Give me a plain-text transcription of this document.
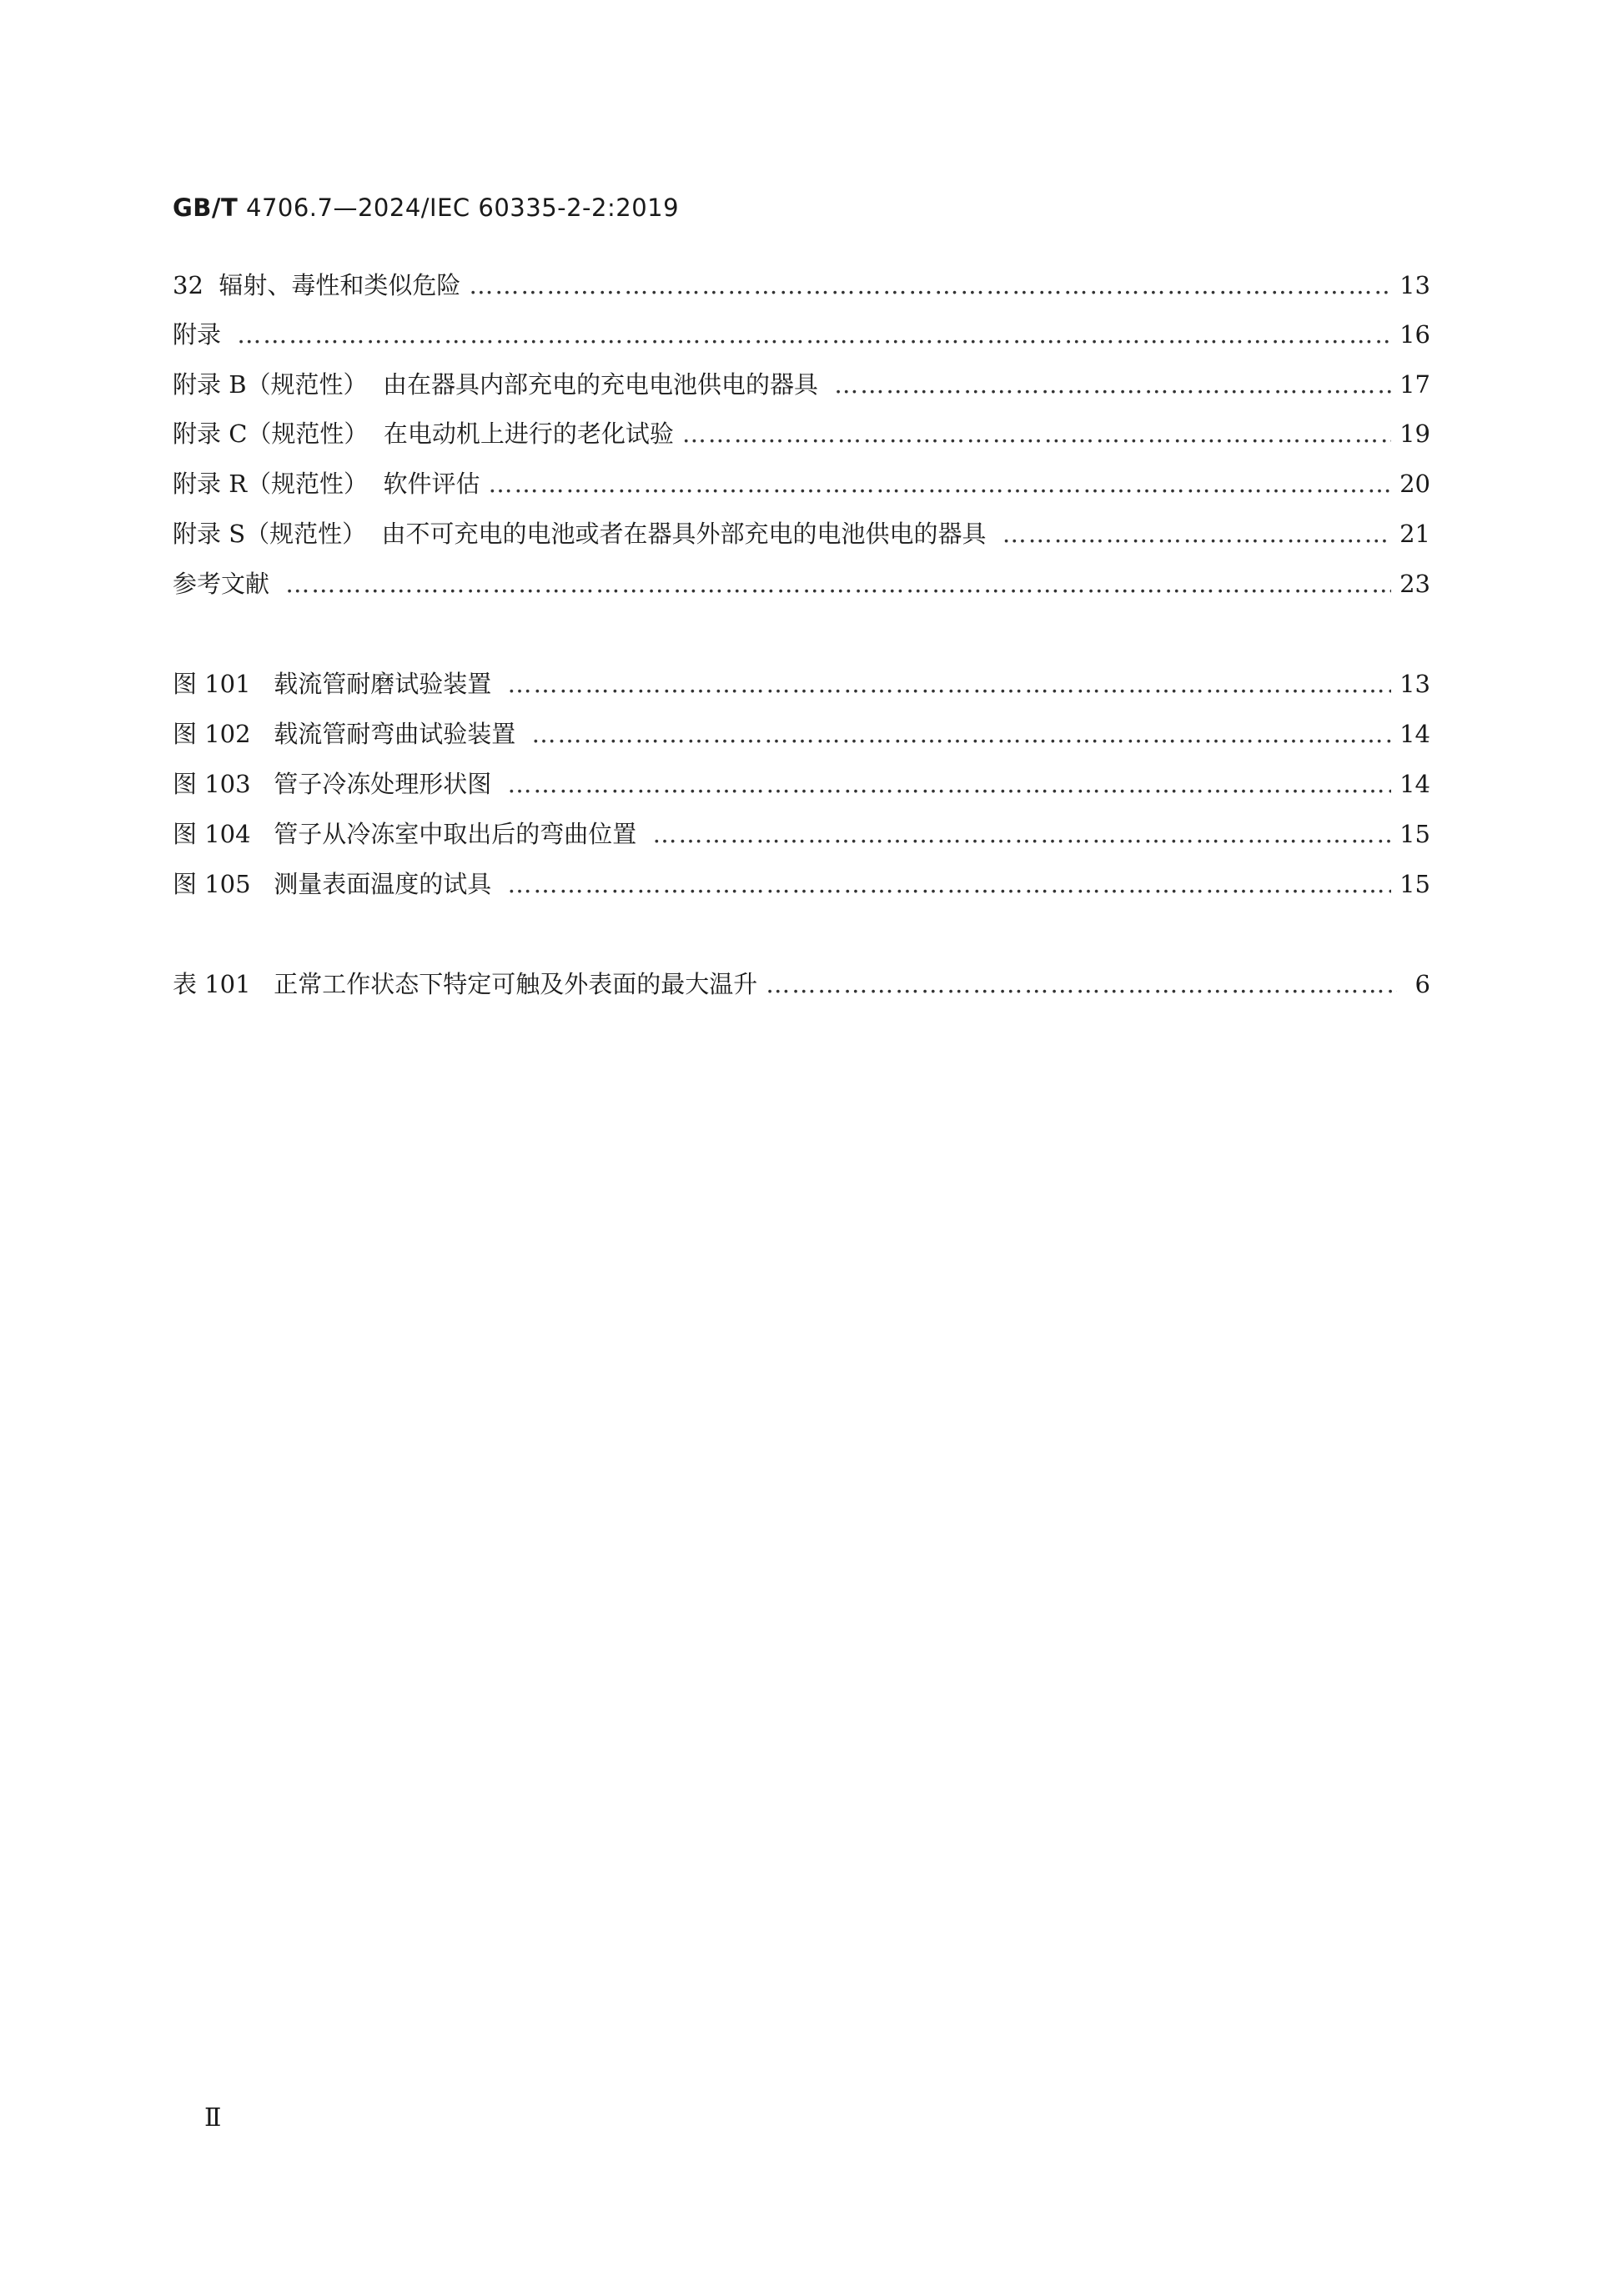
GB/T 4706.7—2024/IEC 60335-2-2:2019
32 辐射、毒性和类似危险 ……………………………………………………………………………………………………………………………………………………………………………………………………………………………………………………	13
附录 ……………………………………………………………………………………………………………………………………………………………………………………………………………………………………………………	16
附录 B（规范性） 由在器具内部充电的充电电池供电的器具 ……………………………………………………………………………………………………………………………………………………………………………………………………………………………………………………	17
附录 C（规范性） 在电动机上进行的老化试验 ……………………………………………………………………………………………………………………………………………………………………………………………………………………………………………………	19
附录 R（规范性） 软件评估 ……………………………………………………………………………………………………………………………………………………………………………………………………………………………………………………	20
附录 S（规范性） 由不可充电的电池或者在器具外部充电的电池供电的器具 ……………………………………………………………………………………………………………………………………………………………………………………………………………………………………………………	21
参考文献 ……………………………………………………………………………………………………………………………………………………………………………………………………………………………………………………	23
图 101 载流管耐磨试验装置 ……………………………………………………………………………………………………………………………………………………………………………………………………………………………………………………	13
图 102 载流管耐弯曲试验装置 ……………………………………………………………………………………………………………………………………………………………………………………………………………………………………………………	14
图 103 管子冷冻处理形状图 ……………………………………………………………………………………………………………………………………………………………………………………………………………………………………………………	14
图 104 管子从冷冻室中取出后的弯曲位置 ……………………………………………………………………………………………………………………………………………………………………………………………………………………………………………………	15
图 105 测量表面温度的试具 ……………………………………………………………………………………………………………………………………………………………………………………………………………………………………………………	15
表 101 正常工作状态下特定可触及外表面的最大温升 ……………………………………………………………………………………………………………………………………………………………………………………………………………………………………………………	6
Ⅱ
